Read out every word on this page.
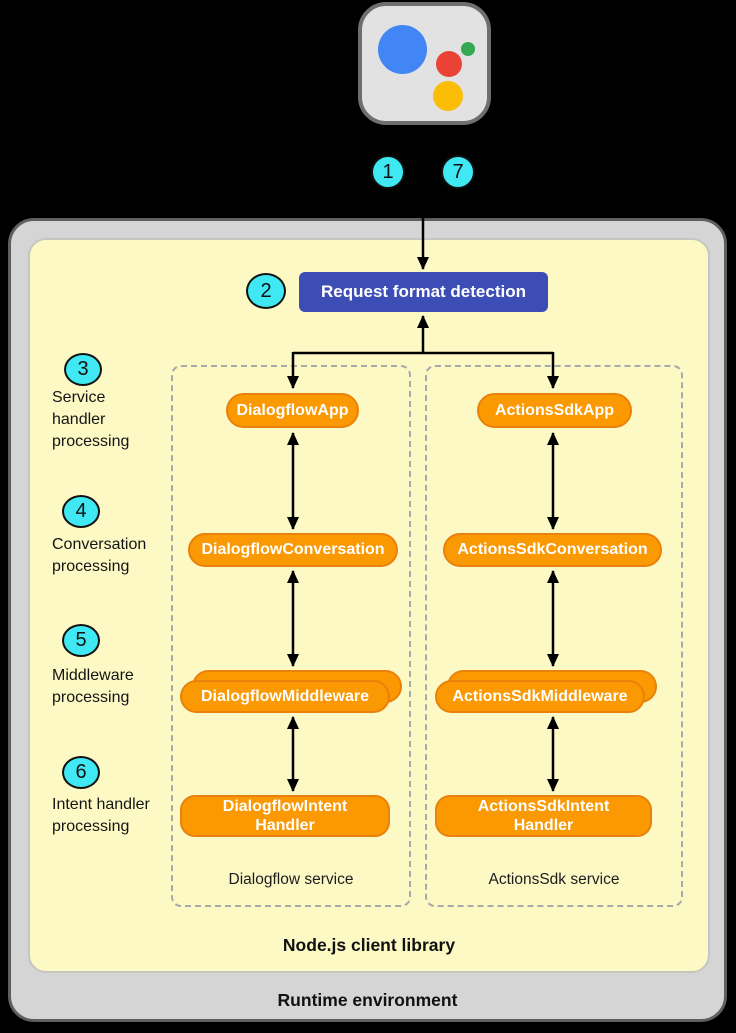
1	7
2	Request format detection
3
Service
handler
processing
4
Conversation
processing
5
Middleware
processing
6
Intent handler
processing
DialogflowApp
DialogflowConversation
DialogflowMiddleware
DialogflowIntent
Handler
Dialogflow service
ActionsSdkApp
ActionsSdkConversation
ActionsSdkMiddleware
ActionsSdkIntent
Handler
ActionsSdk service
Node.js client library
Runtime environment
